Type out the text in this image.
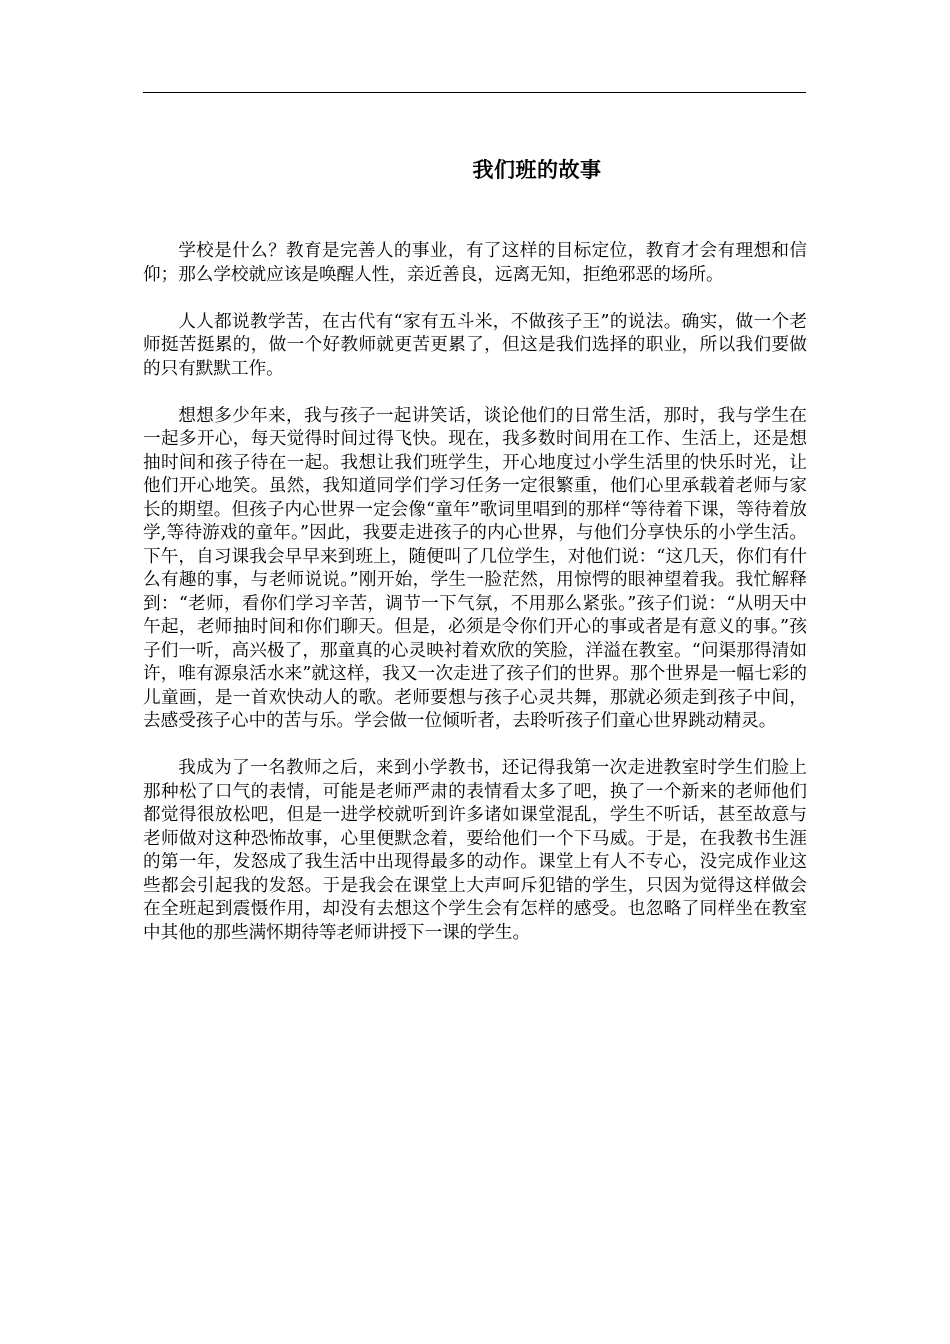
我们班的故事

学校是什么？教育是完善人的事业，有了这样的目标定位，教育才会有理想和信仰；那么学校就应该是唤醒人性，亲近善良，远离无知，拒绝邪恶的场所。

人人都说教学苦，在古代有“家有五斗米，不做孩子王”的说法。确实，做一个老师挺苦挺累的，做一个好教师就更苦更累了，但这是我们选择的职业，所以我们要做的只有默默工作。

想想多少年来，我与孩子一起讲笑话，谈论他们的日常生活，那时，我与学生在一起多开心，每天觉得时间过得飞快。现在，我多数时间用在工作、生活上，还是想抽时间和孩子待在一起。我想让我们班学生，开心地度过小学生活里的快乐时光，让他们开心地笑。虽然，我知道同学们学习任务一定很繁重，他们心里承载着老师与家长的期望。但孩子内心世界一定会像“童年”歌词里唱到的那样“等待着下课，等待着放学,等待游戏的童年。”因此，我要走进孩子的内心世界，与他们分享快乐的小学生活。下午，自习课我会早早来到班上，随便叫了几位学生，对他们说：“这几天，你们有什么有趣的事，与老师说说。”刚开始，学生一脸茫然，用惊愕的眼神望着我。我忙解释到：“老师，看你们学习辛苦，调节一下气氛，不用那么紧张。”孩子们说：“从明天中午起，老师抽时间和你们聊天。但是，必须是令你们开心的事或者是有意义的事。”孩子们一听，高兴极了，那童真的心灵映衬着欢欣的笑脸，洋溢在教室。“问渠那得清如许，唯有源泉活水来”就这样，我又一次走进了孩子们的世界。那个世界是一幅七彩的儿童画，是一首欢快动人的歌。老师要想与孩子心灵共舞，那就必须走到孩子中间，去感受孩子心中的苦与乐。学会做一位倾听者，去聆听孩子们童心世界跳动精灵。

我成为了一名教师之后，来到小学教书，还记得我第一次走进教室时学生们脸上那种松了口气的表情，可能是老师严肃的表情看太多了吧，换了一个新来的老师他们都觉得很放松吧，但是一进学校就听到许多诸如课堂混乱，学生不听话，甚至故意与老师做对这种恐怖故事，心里便默念着，要给他们一个下马威。于是，在我教书生涯的第一年，发怒成了我生活中出现得最多的动作。课堂上有人不专心，没完成作业这些都会引起我的发怒。于是我会在课堂上大声呵斥犯错的学生，只因为觉得这样做会在全班起到震慑作用，却没有去想这个学生会有怎样的感受。也忽略了同样坐在教室中其他的那些满怀期待等老师讲授下一课的学生。
